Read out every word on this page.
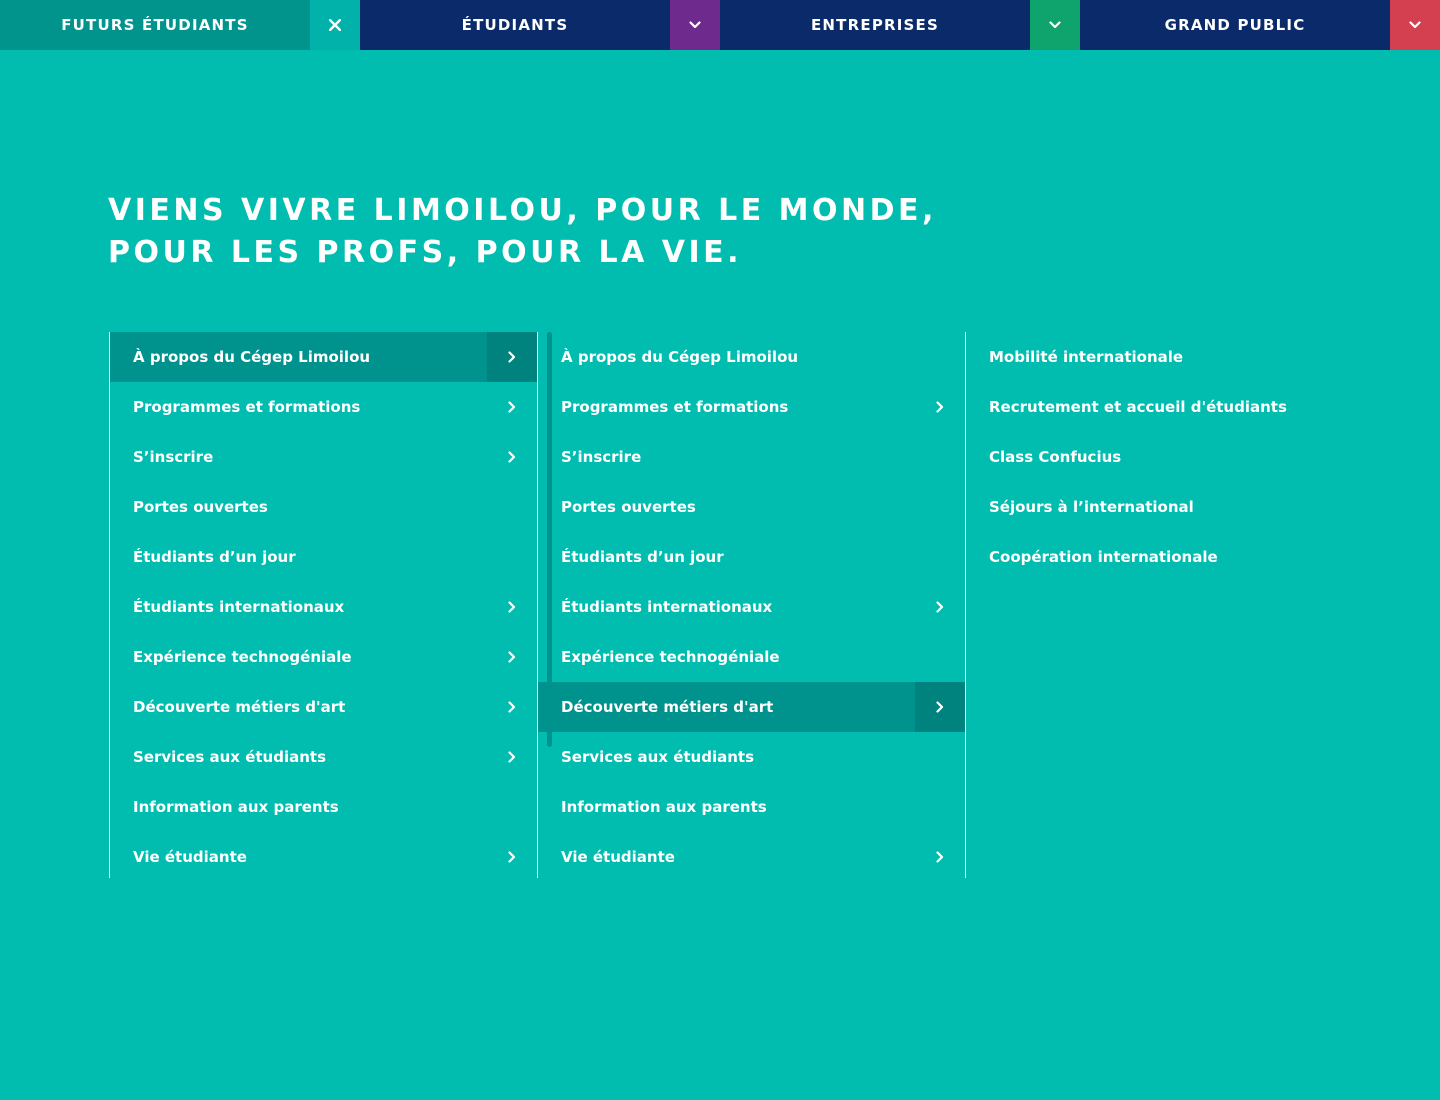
FUTURS ÉTUDIANTS	ÉTUDIANTS	ENTREPRISES	GRAND PUBLIC
VIENS VIVRE LIMOILOU, POUR LE MONDE,
POUR LES PROFS, POUR LA VIE.
À propos du Cégep Limoilou
Programmes et formations
S’inscrire
Portes ouvertes
Étudiants d’un jour
Étudiants internationaux
Expérience technogéniale
Découverte métiers d'art
Services aux étudiants
Information aux parents
Vie étudiante
À propos du Cégep Limoilou
Programmes et formations
S’inscrire
Portes ouvertes
Étudiants d’un jour
Étudiants internationaux
Expérience technogéniale
Découverte métiers d'art
Services aux étudiants
Information aux parents
Vie étudiante
Mobilité internationale
Recrutement et accueil d'étudiants
Class Confucius
Séjours à l’international
Coopération internationale
